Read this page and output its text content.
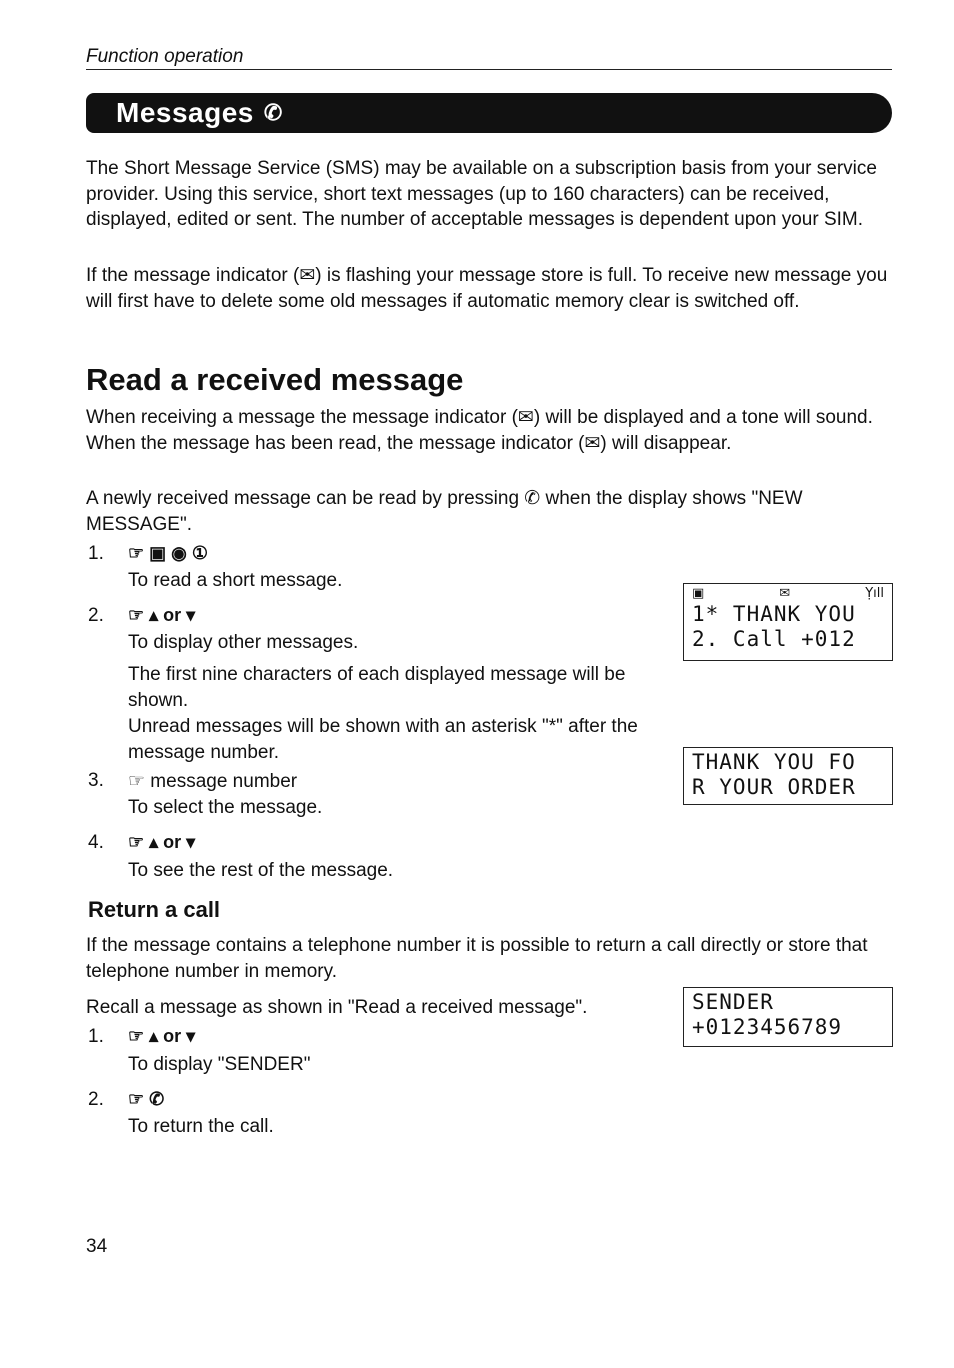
Function operation
Messages ✆
The Short Message Service (SMS) may be available on a subscription basis from your service provider. Using this service, short text messages (up to 160 characters) can be received, displayed, edited or sent. The number of acceptable messages is dependent upon your SIM.
If the message indicator (✉) is flashing your message store is full. To receive new message you will first have to delete some old messages if automatic memory clear is switched off.
Read a received message
When receiving a message the message indicator (✉) will be displayed and a tone will sound. When the message has been read, the message indicator (✉) will disappear.
A newly received message can be read by pressing ✆ when the display shows "NEW MESSAGE".
1. ☞ ▣ ◉ ①
To read a short message.
2. ☞ ▴ or ▾
To display other messages.
The first nine characters of each displayed message will be shown.
Unread messages will be shown with an asterisk "*" after the message number.
3. ☞ message number
To select the message.
4. ☞ ▴ or ▾
To see the rest of the message.
▣	✉	Ỵıll
1* THANK YOU
2. Call +012
THANK YOU FO
R YOUR ORDER
Return a call
If the message contains a telephone number it is possible to return a call directly or store that telephone number in memory.
Recall a message as shown in "Read a received message".
1. ☞ ▴ or ▾
To display "SENDER"
2. ☞ ✆
To return the call.
SENDER
+0123456789
34
